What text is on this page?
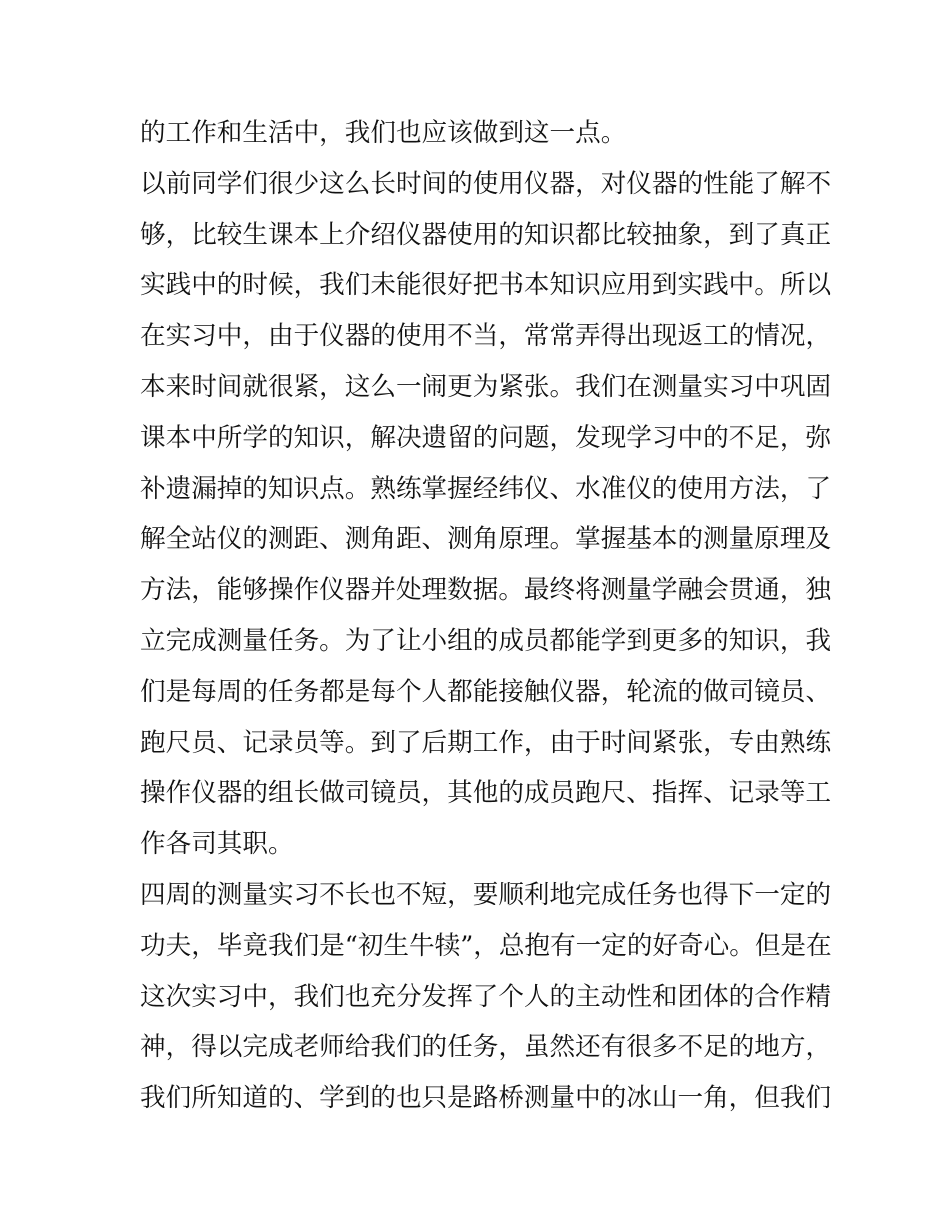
的工作和生活中，我们也应该做到这一点。
以前同学们很少这么长时间的使用仪器，对仪器的性能了解不
够，比较生课本上介绍仪器使用的知识都比较抽象，到了真正
实践中的时候，我们未能很好把书本知识应用到实践中。所以
在实习中，由于仪器的使用不当，常常弄得出现返工的情况，
本来时间就很紧，这么一闹更为紧张。我们在测量实习中巩固
课本中所学的知识，解决遗留的问题，发现学习中的不足，弥
补遗漏掉的知识点。熟练掌握经纬仪、水准仪的使用方法，了
解全站仪的测距、测角距、测角原理。掌握基本的测量原理及
方法，能够操作仪器并处理数据。最终将测量学融会贯通，独
立完成测量任务。为了让小组的成员都能学到更多的知识，我
们是每周的任务都是每个人都能接触仪器，轮流的做司镜员、
跑尺员、记录员等。到了后期工作，由于时间紧张，专由熟练
操作仪器的组长做司镜员，其他的成员跑尺、指挥、记录等工
作各司其职。
四周的测量实习不长也不短，要顺利地完成任务也得下一定的
功夫，毕竟我们是“初生牛犊”，总抱有一定的好奇心。但是在
这次实习中，我们也充分发挥了个人的主动性和团体的合作精
神，得以完成老师给我们的任务，虽然还有很多不足的地方，
我们所知道的、学到的也只是路桥测量中的冰山一角，但我们
